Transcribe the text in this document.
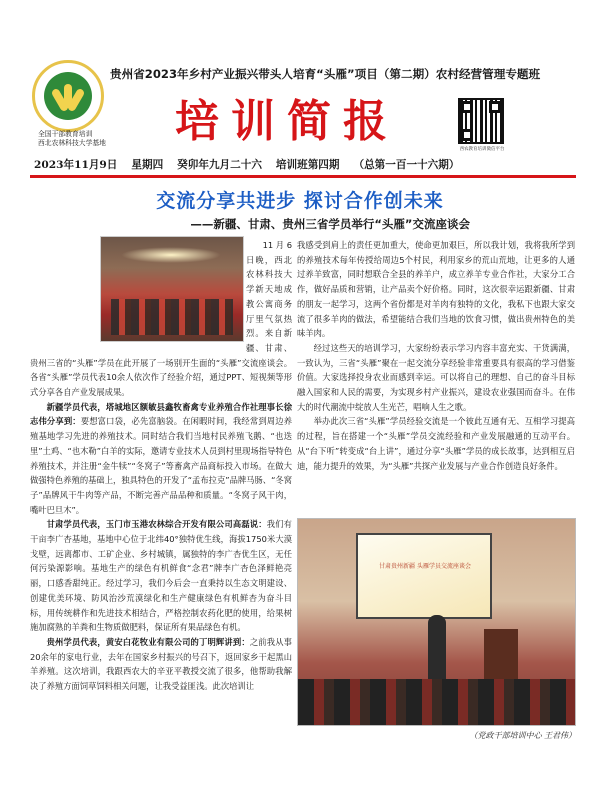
全国干部教育培训
西北农林科技大学基地
贵州省2023年乡村产业振兴带头人培育“头雁”项目（第二期）农村经营管理专题班
培 训 简 报
西农教育培训微信平台
2023年11月9日 星期四 癸卯年九月二十六 培训班第四期 （总第一百一十六期）
交流分享共进步 探讨合作创未来
——新疆、甘肃、贵州三省学员举行“头雁”交流座谈会

11月6日晚，西北农林科技大学新天地成教公寓商务厅里气氛热烈。来自新疆、甘肃、贵州三省的“头雁”学员在此开展了一场别开生面的“头雁”交流座谈会。各省“头雁”学员代表10余人依次作了经验介绍，通过PPT、短视频等形式分享各自产业发展成果。

新疆学员代表，塔城地区额敏县鑫牧畜禽专业养殖合作社理事长徐志伟分享到：要想富口袋，必先富脑袋。在闲暇时间，我经常到周边养殖基地学习先进的养殖技术。同时结合我们当地村民养殖飞鹅、“也迭里”土鸡、“也木勒”白羊的实际，邀请专业技术人员到村里现场指导特色养殖技术，并注册“金牛犊”“冬窝子”等畜禽产品商标投入市场。在做大做强特色养殖的基础上，独具特色的开发了“孟布拉克”品牌马肠、“冬窝子”品牌风干牛肉等产品，不断完善产品品种和质量。“冬窝子风干肉，嘴叶巴旦木”。

甘肃学员代表，玉门市玉港农林综合开发有限公司高磊说：我们有干亩李广杏基地，基地中心位于北纬40°独特优生线，海拔1750米大漠戈壁，远离都市、工矿企业、乡村城镇，属独特的李广杏优生区，无任何污染源影响。基地生产的绿色有机鲜食“念君”牌李广杏色泽鲜艳亮丽，口感香甜纯正。经过学习，我们今后会一直秉持以生态文明建设、创建优美环境、防风治沙荒漠绿化和生产健康绿色有机鲜杏为奋斗目标，用传统耕作和先进技术相结合，严格控制农药化肥的使用，给果树施加腐熟的羊粪和生物质做肥料，保证所有果品绿色有机。

贵州学员代表，黄安白花牧业有限公司的丁明辉讲到：之前我从事20余年的家电行业，去年在国家乡村振兴的号召下，返回家乡干起黑山羊养殖。这次培训，我跟西农大的辛亚平教授交流了很多，他帮助我解决了养殖方面饲草饲料相关问题，让我受益匪浅。此次培训让

我感受到肩上的责任更加重大，使命更加艰巨，所以我计划，我将我所学到的养殖技术每年传授给周边5个村民，利用家乡的荒山荒地，让更多的人通过养羊致富，同时想联合全县的养羊户，成立养羊专业合作社，大家分工合作，做好品质和营销，让产品卖个好价格。同时，这次很幸运跟新疆、甘肃的朋友一起学习，这两个省份都是对羊肉有独特的文化，我私下也跟大家交流了很多羊肉的做法，希望能结合我们当地的饮食习惯，做出贵州特色的美味羊肉。

经过这些天的培训学习，大家纷纷表示学习内容丰富充实、干货满满，一致认为，三省“头雁”聚在一起交流分享经验非常重要具有很高的学习借鉴价值。大家选择投身农业而感到幸运。可以将自己的理想、自己的奋斗目标融入国家和人民的需要，为实现乡村产业振兴，建设农业强国而奋斗。在伟大的时代潮流中绽放人生光芒，唱响人生之歌。

举办此次三省“头雁”学员经验交流是一个彼此互通有无、互相学习提高的过程，旨在搭建一个“头雁”学员交流经验和产业发展融通的互动平台。从“台下听”转变成“台上讲”，通过分享“头雁”学员的成长故事，达到相互启迪，能力提升的效果，为“头雁”共探产业发展与产业合作创造良好条件。

甘肃贵州新疆 头雁学员交流座谈会
（党政干部培训中心 王君伟）
